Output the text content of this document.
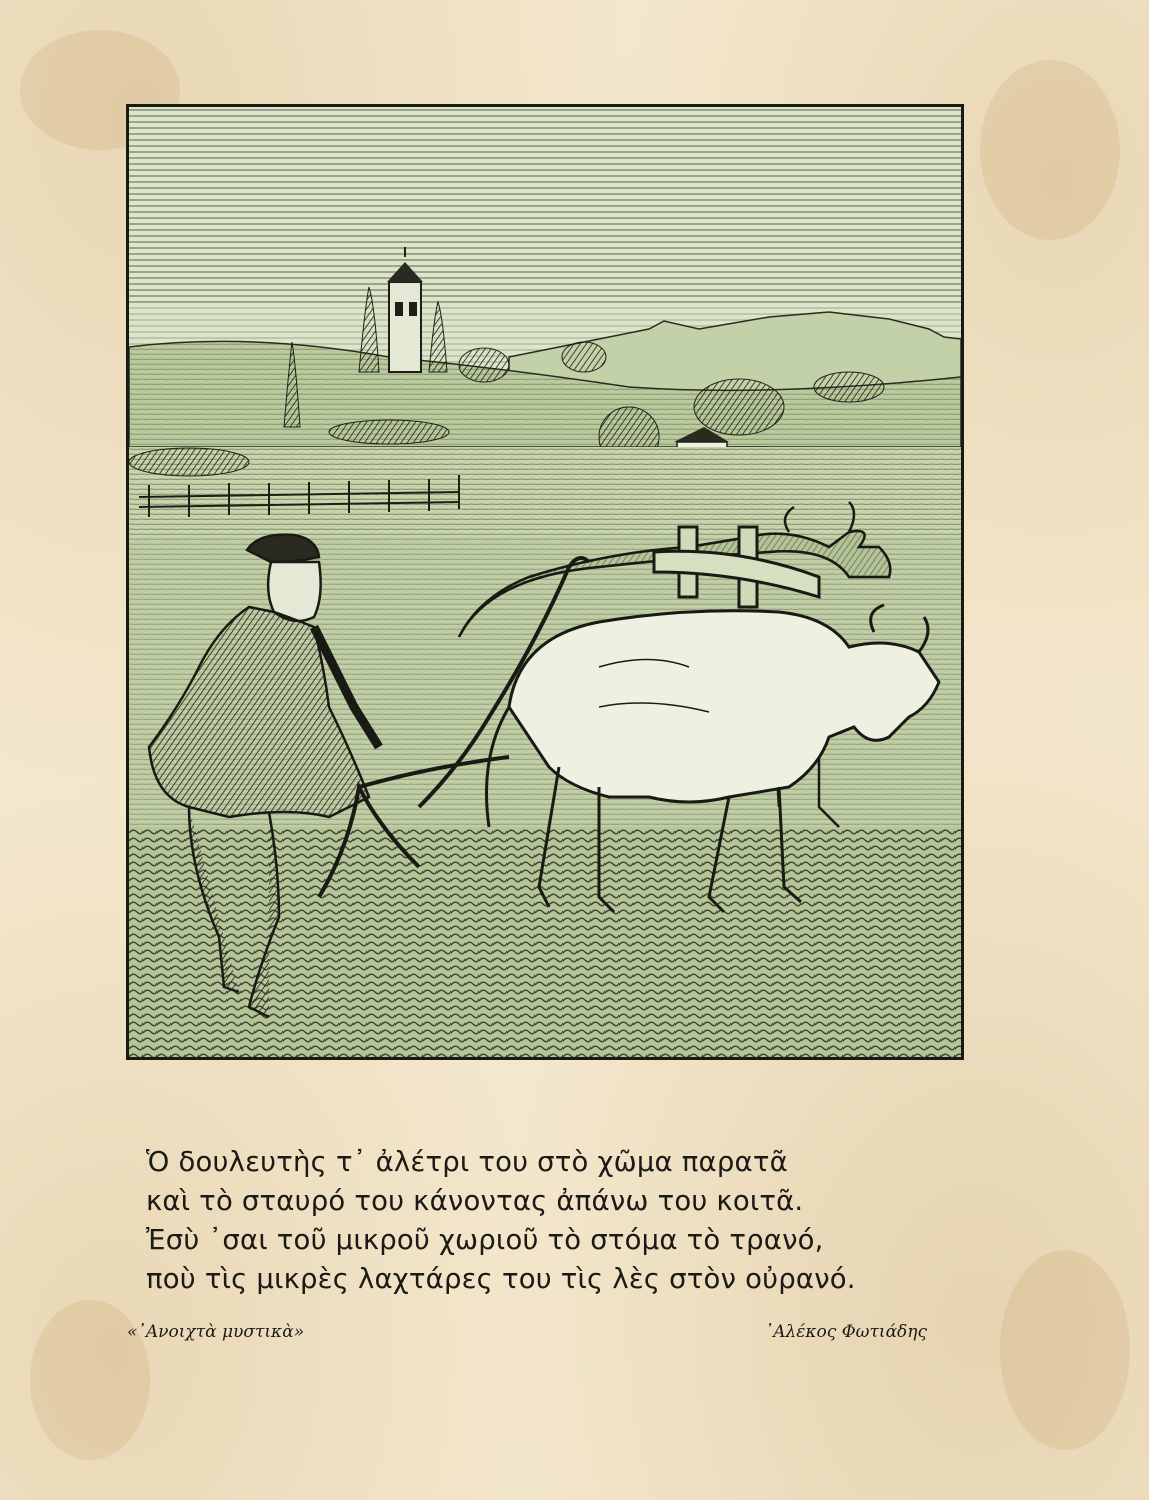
Ὁ δουλευτὴς τ᾿ ἀλέτρι του στὸ χῶμα παρατᾶ
καὶ τὸ σταυρό του κάνοντας ἀπάνω του κοιτᾶ.
Ἐσὺ ᾿σαι τοῦ μικροῦ χωριοῦ τὸ στόμα τὸ τρανό,
ποὺ τὶς μικρὲς λαχτάρες του τὶς λὲς στὸν οὐρανό.
«᾿Ανοιχτὰ μυστικὰ»	᾿Αλέκος Φωτιάδης
